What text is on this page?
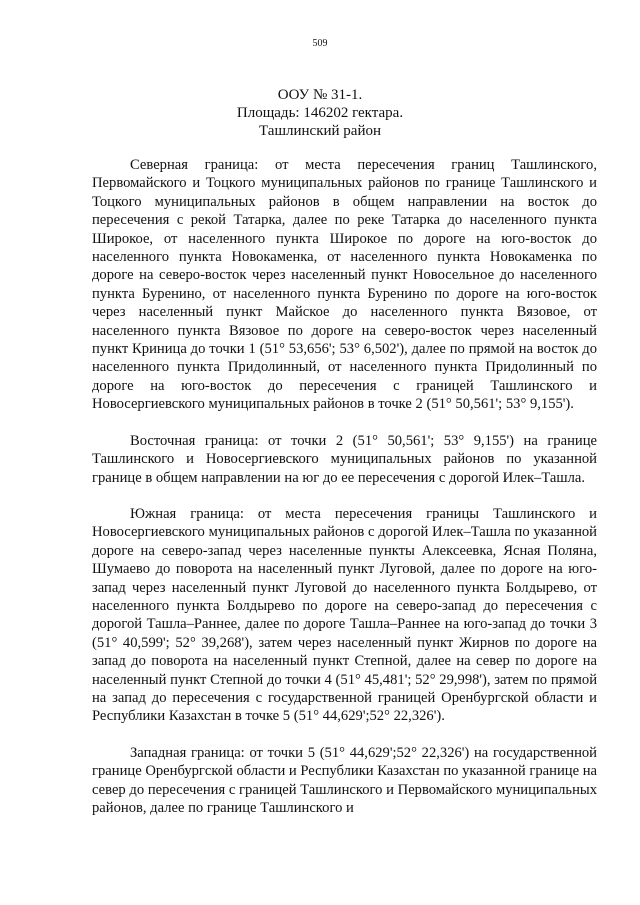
509
ООУ № 31-1.
Площадь: 146202 гектара.
Ташлинский район

Северная граница: от места пересечения границ Ташлинского, Первомайского и Тоцкого муниципальных районов по границе Ташлинского и Тоцкого муниципальных районов в общем направлении на восток до пересечения с рекой Татарка, далее по реке Татарка до населенного пункта Широкое, от населенного пункта Широкое по дороге на юго-восток до населенного пункта Новокаменка, от населенного пункта Новокаменка по дороге на северо-восток через населенный пункт Новосельное до населенного пункта Буренино, от населенного пункта Буренино по дороге на юго-восток через населенный пункт Майское до населенного пункта Вязовое, от населенного пункта Вязовое по дороге на северо-восток через населенный пункт Криница до точки 1 (51° 53,656'; 53° 6,502'), далее по прямой на восток до населенного пункта Придолинный, от населенного пункта Придолинный по дороге на юго-восток до пересечения с границей Ташлинского и Новосергиевского муниципальных районов в точке 2 (51° 50,561'; 53° 9,155').

Восточная граница: от точки 2 (51° 50,561'; 53° 9,155') на границе Ташлинского и Новосергиевского муниципальных районов по указанной границе в общем направлении на юг до ее пересечения с дорогой Илек–Ташла.

Южная граница: от места пересечения границы Ташлинского и Новосергиевского муниципальных районов с дорогой Илек–Ташла по указанной дороге на северо-запад через населенные пункты Алексеевка, Ясная Поляна, Шумаево до поворота на населенный пункт Луговой, далее по дороге на юго-запад через населенный пункт Луговой до населенного пункта Болдырево, от населенного пункта Болдырево по дороге на северо-запад до пересечения с дорогой Ташла–Раннее, далее по дороге Ташла–Раннее на юго-запад до точки 3 (51° 40,599'; 52° 39,268'), затем через населенный пункт Жирнов по дороге на запад до поворота на населенный пункт Степной, далее на север по дороге на населенный пункт Степной до точки 4 (51° 45,481'; 52° 29,998'), затем по прямой на запад до пересечения с государственной границей Оренбургской области и Республики Казахстан в точке 5 (51° 44,629';52° 22,326').

Западная граница: от точки 5 (51° 44,629';52° 22,326') на государственной границе Оренбургской области и Республики Казахстан по указанной границе на север до пересечения с границей Ташлинского и Первомайского муниципальных районов, далее по границе Ташлинского и
